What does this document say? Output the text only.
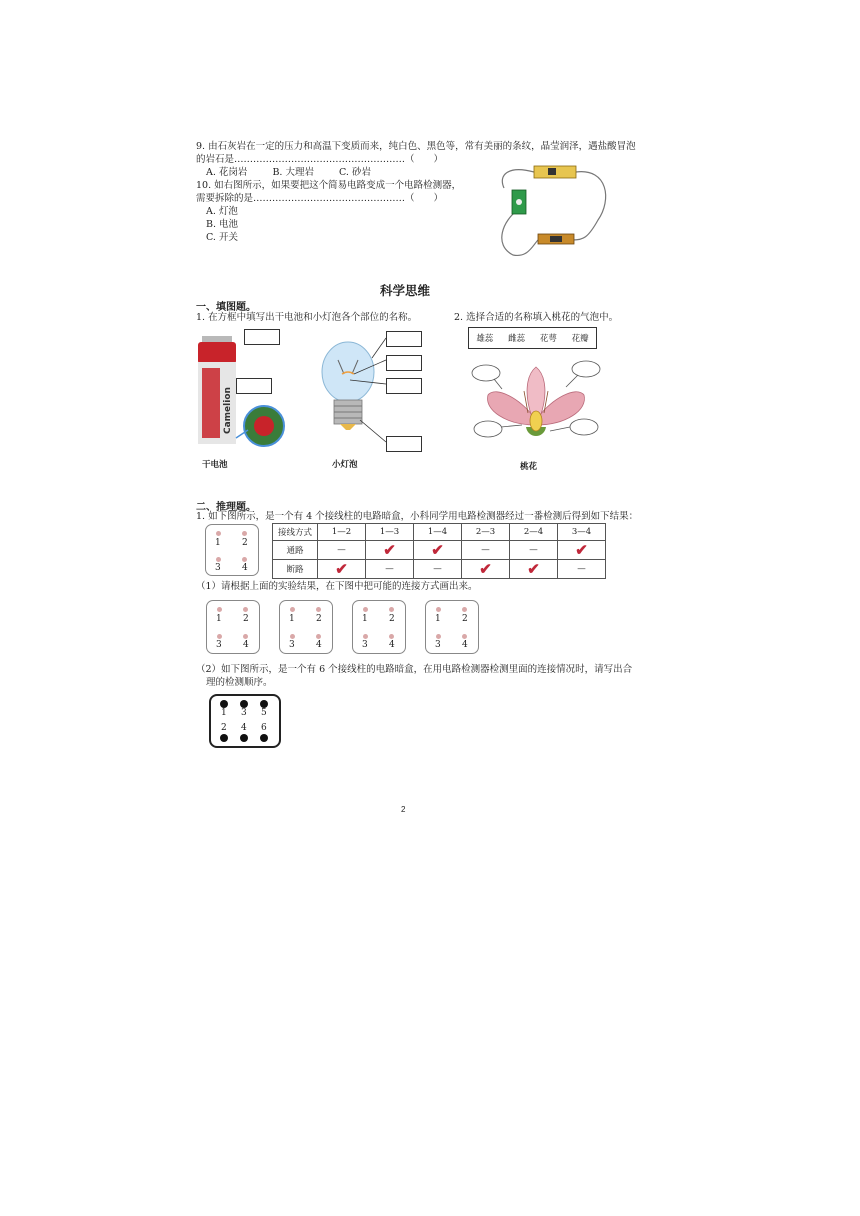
9. 由石灰岩在一定的压力和高温下变质而来，纯白色、黑色等，常有美丽的条纹，晶莹润泽，遇盐酸冒泡
的岩石是………………………………………………（　　）
A. 花岗岩	B. 大理岩	C. 砂岩
10. 如右图所示，如果要把这个简易电路变成一个电路检测器，
需要拆除的是…………………………………………（　　）
A. 灯泡
B. 电池
C. 开关
科学思维
一、填图题。
1. 在方框中填写出干电池和小灯泡各个部位的名称。	2. 选择合适的名称填入桃花的气泡中。
Camelion
干电池	小灯泡
雄蕊 雌蕊 花萼 花瓣
桃花
二、推理题。
1. 如下图所示，是一个有 4 个接线柱的电路暗盒，小科同学用电路检测器经过一番检测后得到如下结果：
1 2
3 4
接线方式	1—2	1—3	1—4	2—3	2—4	3—4
通路	—	✔	✔	—	—	✔
断路	✔	—	—	✔	✔	—
（1）请根据上面的实验结果，在下图中把可能的连接方式画出来。
1 2
3 4
1 2
3 4
1 2
3 4
1 2
3 4
（2）如下图所示，是一个有 6 个接线柱的电路暗盒，在用电路检测器检测里面的连接情况时，请写出合
理的检测顺序。
1 3 5
2 4 6
2
